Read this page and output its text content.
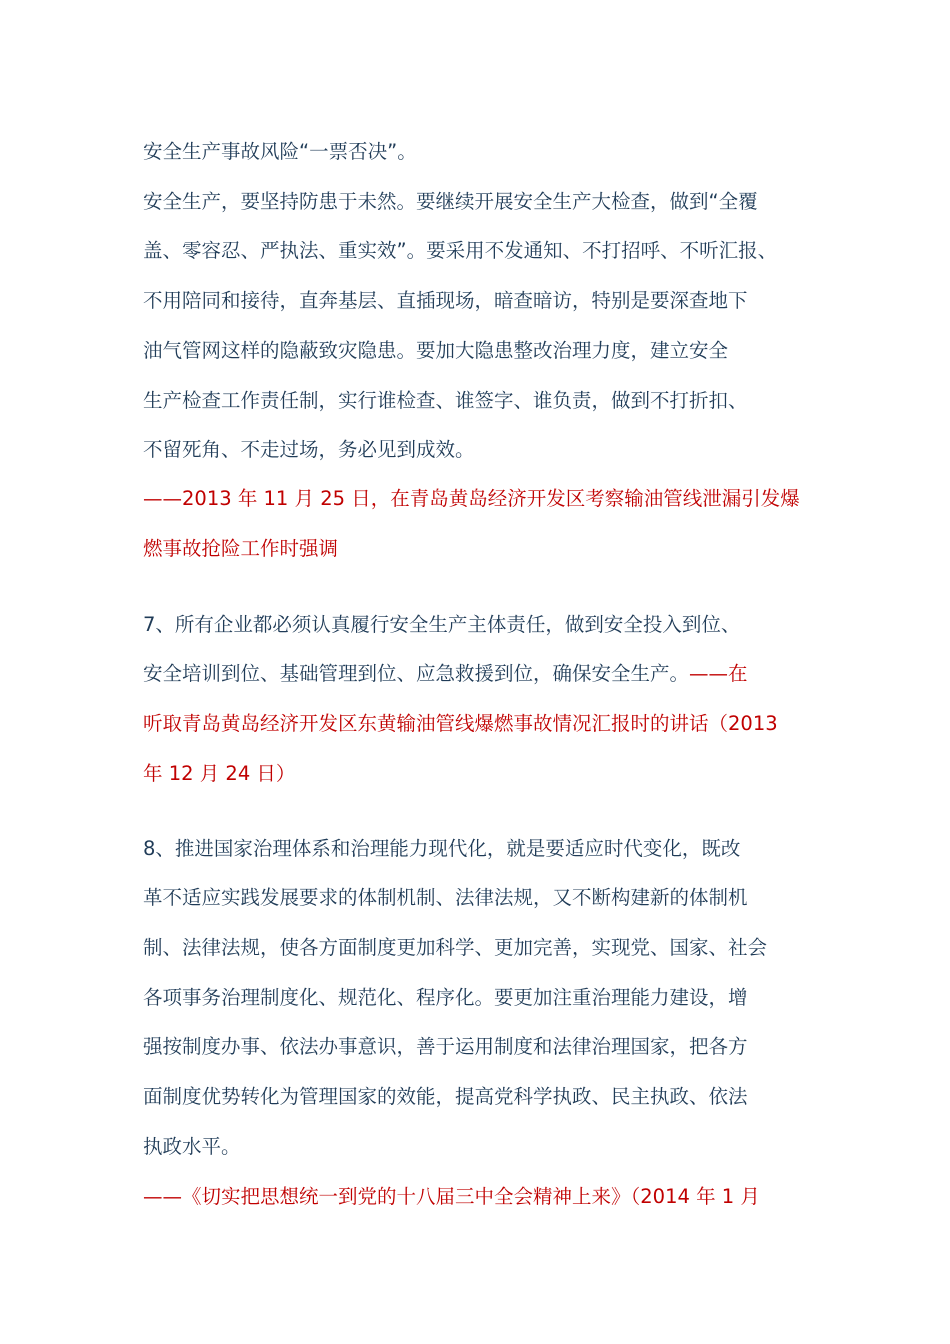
安全生产事故风险“一票否决”。
安全生产，要坚持防患于未然。要继续开展安全生产大检查，做到“全覆
盖、零容忍、严执法、重实效”。要采用不发通知、不打招呼、不听汇报、
不用陪同和接待，直奔基层、直插现场，暗查暗访，特别是要深查地下
油气管网这样的隐蔽致灾隐患。要加大隐患整改治理力度，建立安全
生产检查工作责任制，实行谁检查、谁签字、谁负责，做到不打折扣、
不留死角、不走过场，务必见到成效。
——2013 年 11 月 25 日，在青岛黄岛经济开发区考察输油管线泄漏引发爆
燃事故抢险工作时强调
7、所有企业都必须认真履行安全生产主体责任，做到安全投入到位、
安全培训到位、基础管理到位、应急救援到位，确保安全生产。——在
听取青岛黄岛经济开发区东黄输油管线爆燃事故情况汇报时的讲话（2013
年 12 月 24 日）
8、推进国家治理体系和治理能力现代化，就是要适应时代变化，既改
革不适应实践发展要求的体制机制、法律法规，又不断构建新的体制机
制、法律法规，使各方面制度更加科学、更加完善，实现党、国家、社会
各项事务治理制度化、规范化、程序化。要更加注重治理能力建设，增
强按制度办事、依法办事意识，善于运用制度和法律治理国家，把各方
面制度优势转化为管理国家的效能，提高党科学执政、民主执政、依法
执政水平。
——《切实把思想统一到党的十八届三中全会精神上来》（2014 年 1 月
